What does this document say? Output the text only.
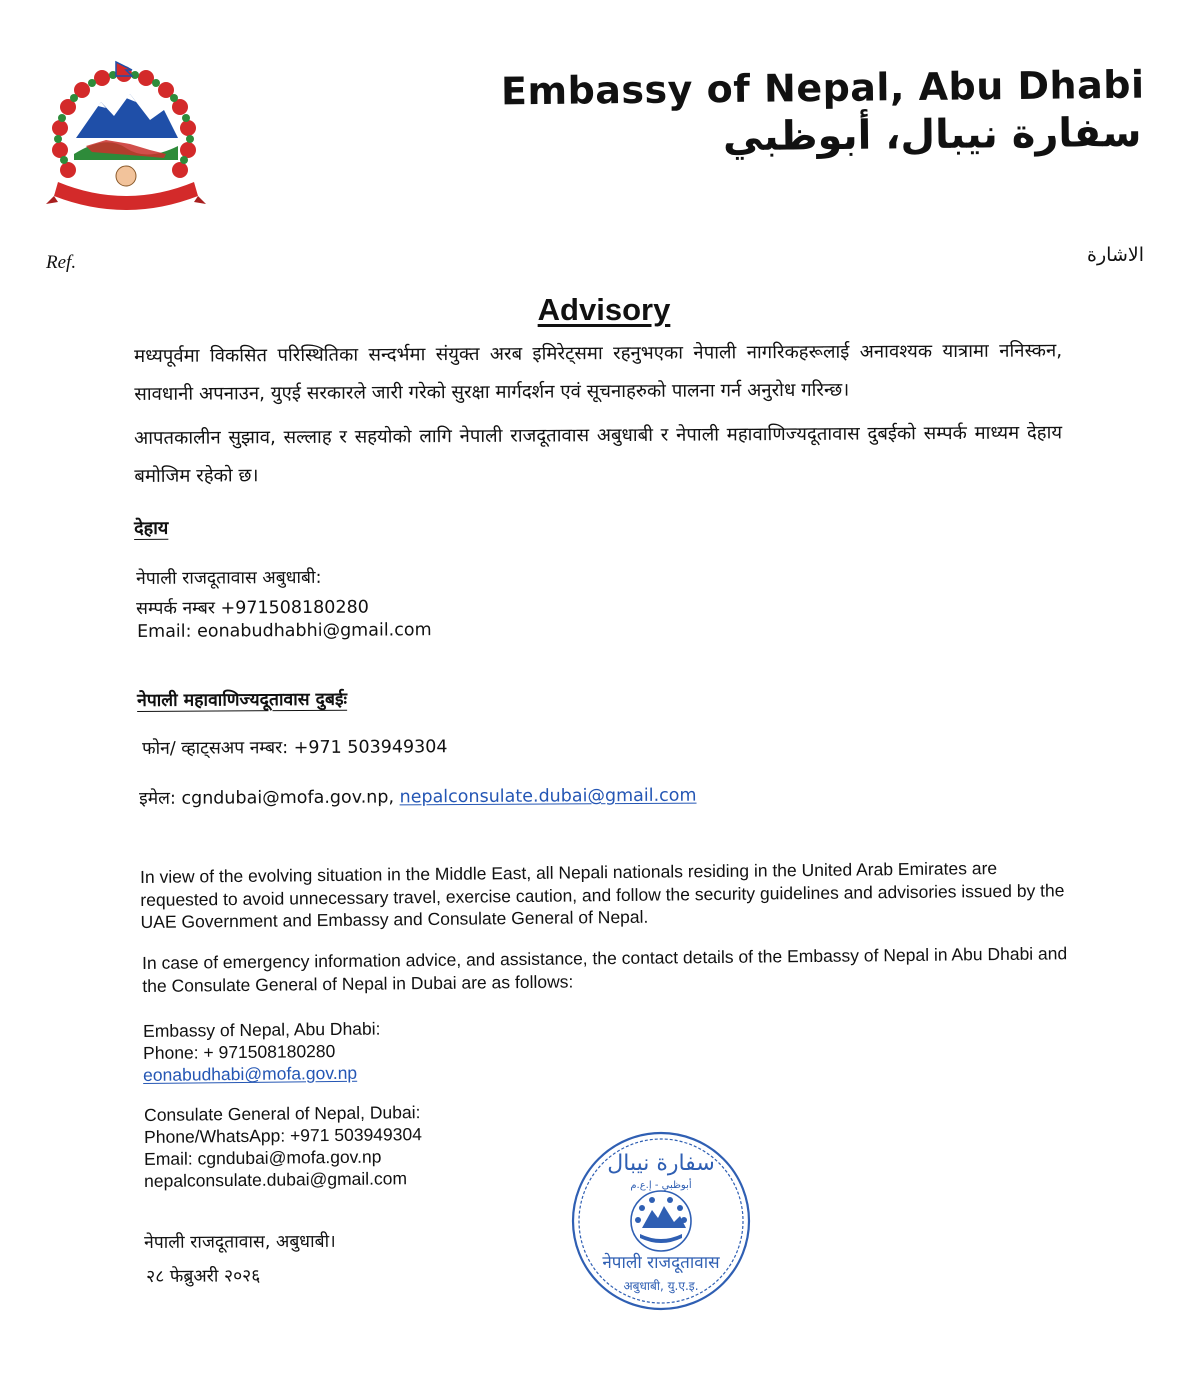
Embassy of Nepal, Abu Dhabi
سفارة نيبال، أبوظبي
Ref.	الاشارة
Advisory
मध्यपूर्वमा विकसित परिस्थितिका सन्दर्भमा संयुक्त अरब इमिरेट्समा रहनुभएका नेपाली नागरिकहरूलाई अनावश्यक यात्रामा ननिस्कन, सावधानी अपनाउन, युएई सरकारले जारी गरेको सुरक्षा मार्गदर्शन एवं सूचनाहरुको पालना गर्न अनुरोध गरिन्छ।
आपतकालीन सुझाव, सल्लाह र सहयोको लागि नेपाली राजदूतावास अबुधाबी र नेपाली महावाणिज्यदूतावास दुबईको सम्पर्क माध्यम देहाय बमोजिम रहेको छ।
देहाय
नेपाली राजदूतावास अबुधाबी:
सम्पर्क नम्बर +971508180280
Email: eonabudhabhi@gmail.com
नेपाली महावाणिज्यदूतावास दुबईः
फोन/ व्हाट्सअप नम्बर: +971 503949304
इमेल: cgndubai@mofa.gov.np, nepalconsulate.dubai@gmail.com
In view of the evolving situation in the Middle East, all Nepali nationals residing in the United Arab Emirates are requested to avoid unnecessary travel, exercise caution, and follow the security guidelines and advisories issued by the UAE Government and Embassy and Consulate General of Nepal.
In case of emergency information advice, and assistance, the contact details of the Embassy of Nepal in Abu Dhabi and the Consulate General of Nepal in Dubai are as follows:
Embassy of Nepal, Abu Dhabi:
Phone: + 971508180280
eonabudhabi@mofa.gov.np
Consulate General of Nepal, Dubai:
Phone/WhatsApp: +971 503949304
Email: cgndubai@mofa.gov.np
nepalconsulate.dubai@gmail.com
नेपाली राजदूतावास, अबुधाबी।
२८ फेब्रुअरी २०२६
سفارة نيبال
أبوظبي - إ.ع.م
नेपाली राजदूतावास
अबुधाबी, यु.ए.इ.
